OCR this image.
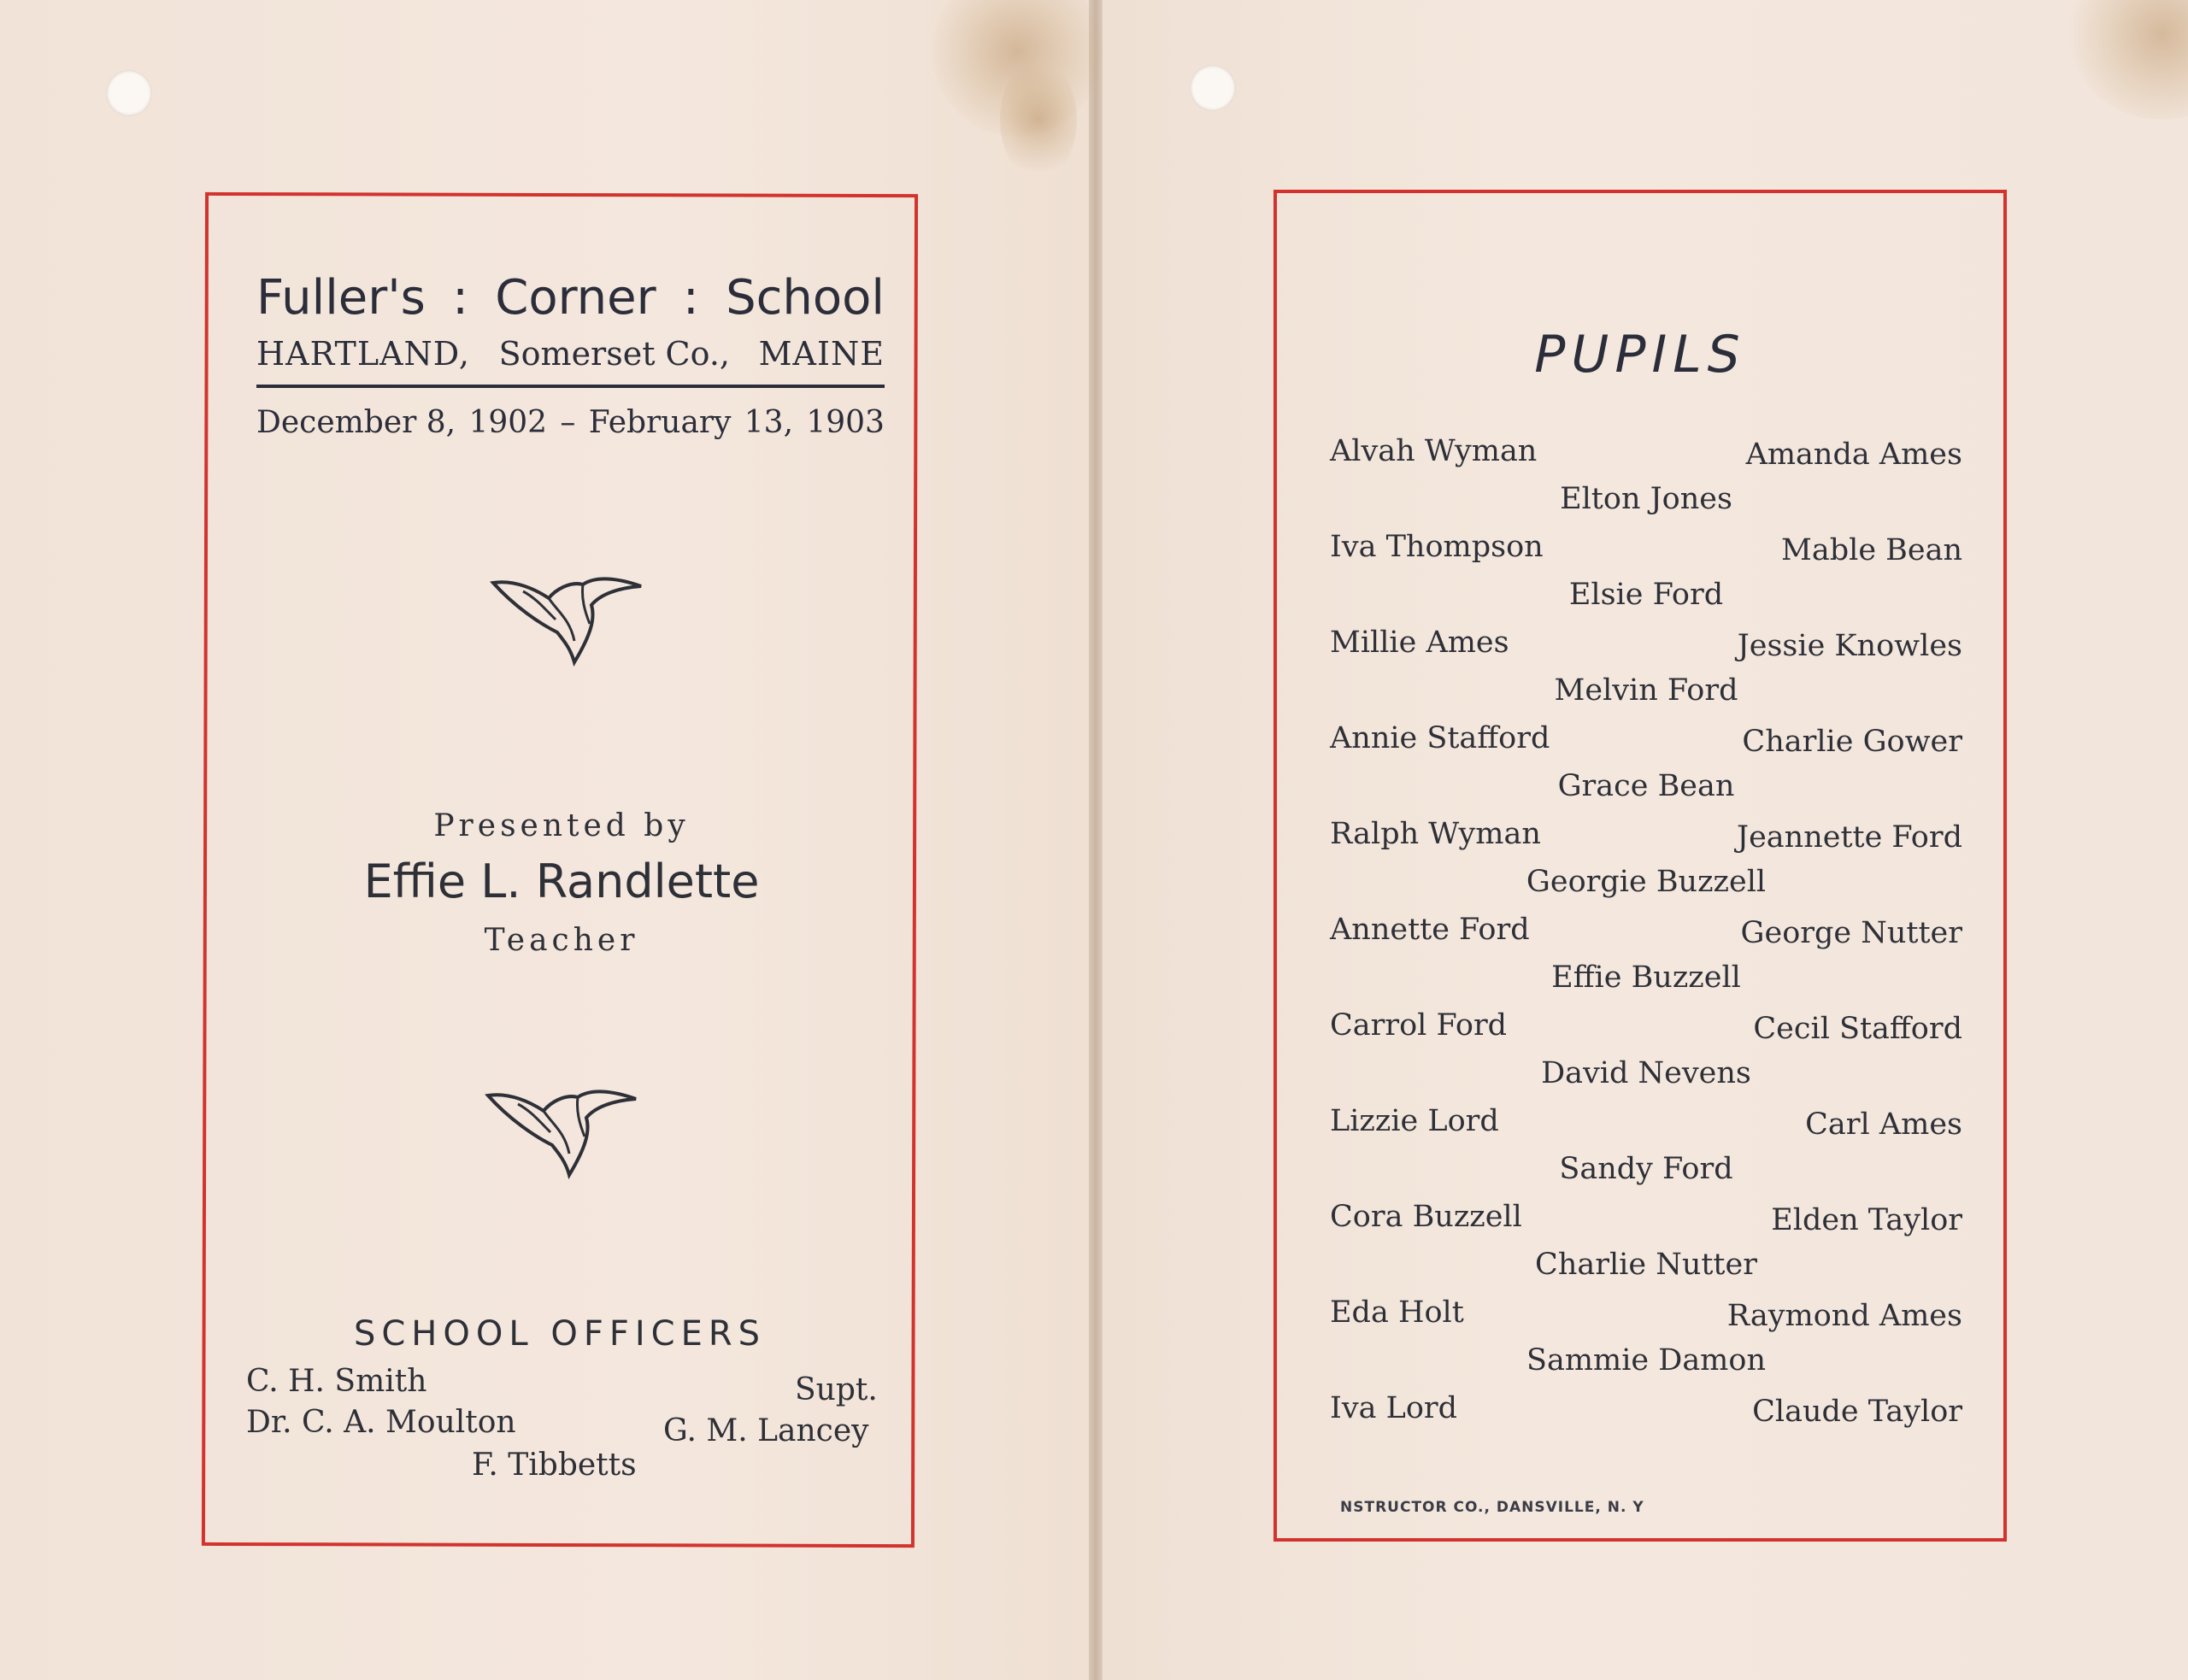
Fuller's : Corner : School
HARTLAND, Somerset Co., MAINE
December 8, 1902 – February 13, 1903
Presented by
Effie L. Randlette
Teacher
SCHOOL OFFICERS
C. H. Smith
Dr. C. A. Moulton
F. Tibbetts
Supt.
G. M. Lancey
PUPILS
Alvah Wyman	Amanda Ames
Elton Jones
Iva Thompson	Mable Bean
Elsie Ford
Millie Ames	Jessie Knowles
Melvin Ford
Annie Stafford	Charlie Gower
Grace Bean
Ralph Wyman	Jeannette Ford
Georgie Buzzell
Annette Ford	George Nutter
Effie Buzzell
Carrol Ford	Cecil Stafford
David Nevens
Lizzie Lord	Carl Ames
Sandy Ford
Cora Buzzell	Elden Taylor
Charlie Nutter
Eda Holt	Raymond Ames
Sammie Damon
Iva Lord	Claude Taylor
NSTRUCTOR CO., DANSVILLE, N. Y
